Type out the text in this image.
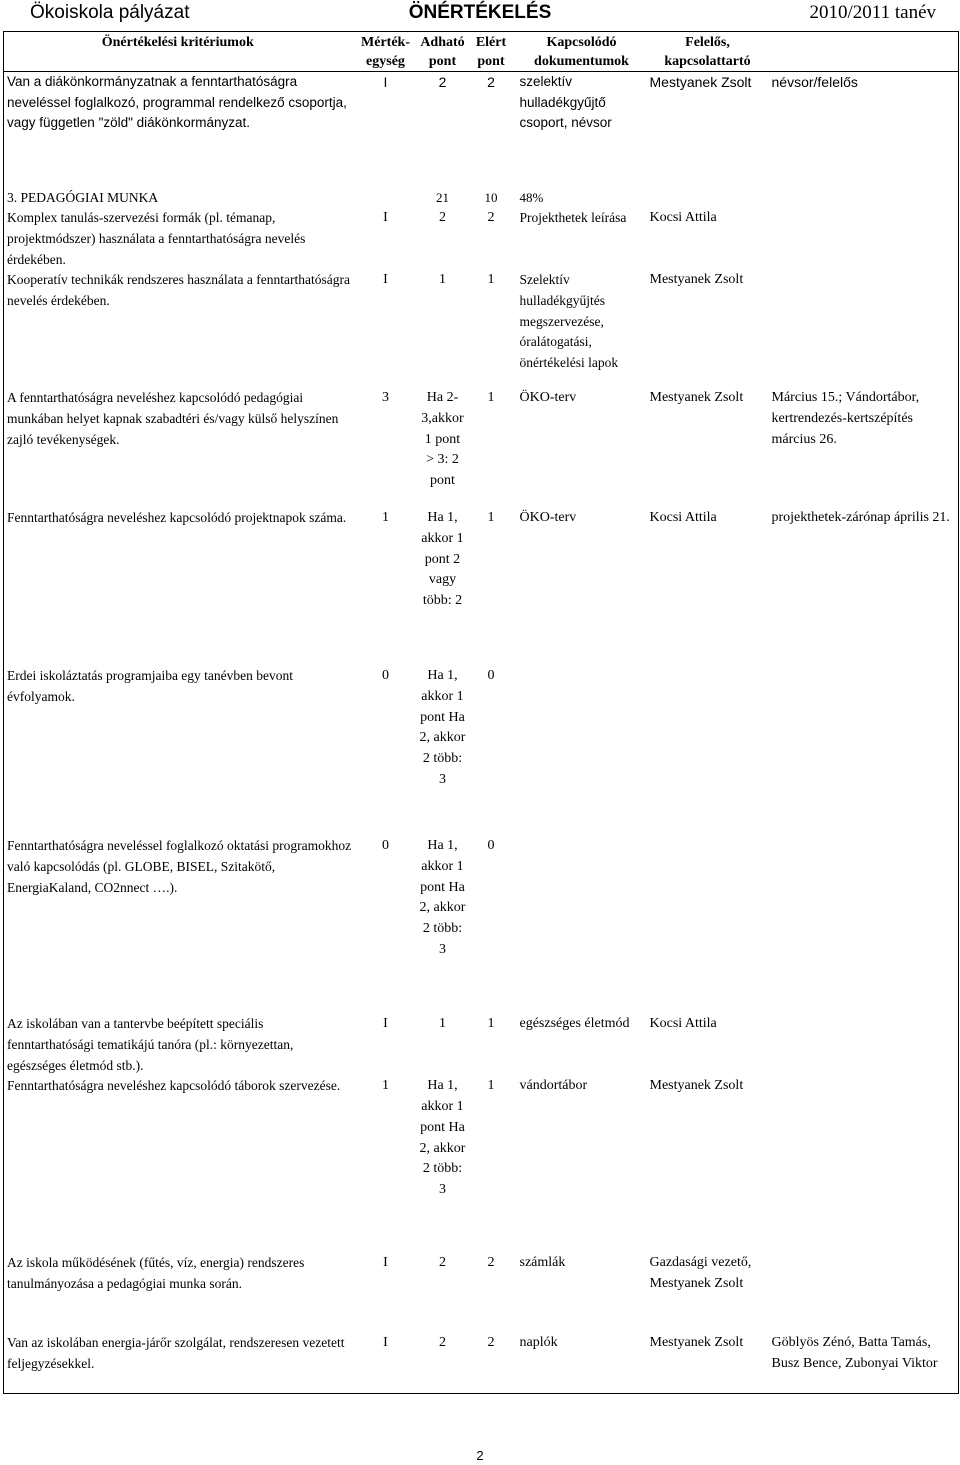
Ökoiskola pályázat	ÖNÉRTÉKELÉS	2010/2011 tanév
Önértékelési kritériumok	Mérték-egység	Adható pont	Elért pont	Kapcsolódó dokumentumok	Felelős, kapcsolattartó	
Van a diákönkormányzatnak a fenntarthatóságra neveléssel foglalkozó, programmal rendelkező csoportja, vagy független "zöld" diákönkormányzat.	I	2	2	szelektív hulladékgyűjtő csoport, névsor	Mestyanek Zsolt	névsor/felelős
3. PEDAGÓGIAI MUNKA		21	10	48%		
Komplex tanulás-szervezési formák (pl. témanap, projektmódszer) használata a fenntarthatóságra nevelés érdekében.	I	2	2	Projekthetek leírása	Kocsi Attila	
Kooperatív technikák rendszeres használata a fenntarthatóságra nevelés érdekében.	I	1	1	Szelektív hulladékgyűjtés megszervezése, óralátogatási, önértékelési lapok	Mestyanek Zsolt	
A fenntarthatóságra neveléshez kapcsolódó pedagógiai munkában helyet kapnak szabadtéri és/vagy külső helyszínen zajló tevékenységek.	3	Ha 2-3,akkor 1 pont > 3: 2 pont	1	ÖKO-terv	Mestyanek Zsolt	Március 15.; Vándortábor, kertrendezés-kertszépítés március 26.
Fenntarthatóságra neveléshez kapcsolódó projektnapok száma.	1	Ha 1, akkor 1 pont 2 vagy több: 2	1	ÖKO-terv	Kocsi Attila	projekthetek-zárónap április 21.
Erdei iskoláztatás programjaiba egy tanévben bevont évfolyamok.	0	Ha 1, akkor 1 pont Ha 2, akkor 2 több: 3	0			
Fenntarthatóságra neveléssel foglalkozó oktatási programokhoz való kapcsolódás (pl. GLOBE, BISEL, Szitakötő, EnergiaKaland, CO2nnect ….).	0	Ha 1, akkor 1 pont Ha 2, akkor 2 több: 3	0			
Az iskolában van a tantervbe beépített speciális fenntarthatósági tematikájú tanóra (pl.: környezettan, egészséges életmód stb.).	I	1	1	egészséges életmód	Kocsi Attila	
Fenntarthatóságra neveléshez kapcsolódó táborok szervezése.	1	Ha 1, akkor 1 pont Ha 2, akkor 2 több: 3	1	vándortábor	Mestyanek Zsolt	
Az iskola működésének (fűtés, víz, energia) rendszeres tanulmányozása a pedagógiai munka során.	I	2	2	számlák	Gazdasági vezető, Mestyanek Zsolt	
Van az iskolában energia-járőr szolgálat, rendszeresen vezetett feljegyzésekkel.	I	2	2	naplók	Mestyanek Zsolt	Göblyös Zénó, Batta Tamás, Busz Bence, Zubonyai Viktor
2
